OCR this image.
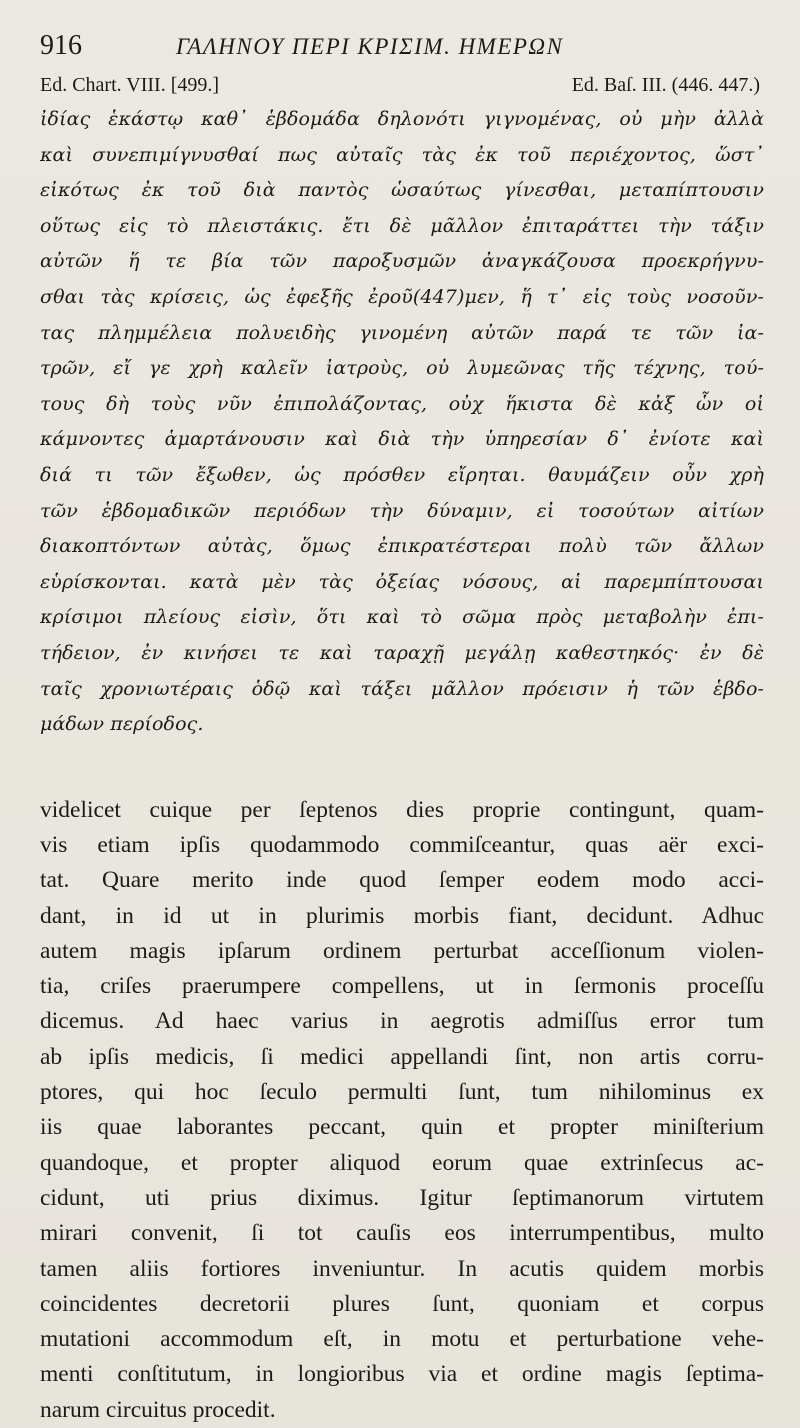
916	ΓΑΛΗΝΟΥ ΠΕΡΙ ΚΡΙΣΙΜ. ΗΜΕΡΩΝ
Ed. Chart. VIII. [499.]	Ed. Baſ. III. (446. 447.)
ἰδίας ἑκάστῳ καθ᾽ ἑβδομάδα δηλονότι γιγνομένας, οὐ μὴν ἀλλὰ
καὶ συνεπιμίγνυσθαί πως αὐταῖς τὰς ἐκ τοῦ περιέχοντος, ὥστ᾽
εἰκότως ἐκ τοῦ διὰ παντὸς ὡσαύτως γίνεσθαι, μεταπίπτουσιν
οὕτως εἰς τὸ πλειστάκις. ἔτι δὲ μᾶλλον ἐπιταράττει τὴν τάξιν
αὐτῶν ἥ τε βία τῶν παροξυσμῶν ἀναγκάζουσα προεκρήγνυ-
σθαι τὰς κρίσεις, ὡς ἐφεξῆς ἐροῦ(447)μεν, ἥ τ᾽ εἰς τοὺς νοσοῦν-
τας πλημμέλεια πολυειδὴς γινομένη αὐτῶν παρά τε τῶν ἰα-
τρῶν, εἴ γε χρὴ καλεῖν ἰατροὺς, οὐ λυμεῶνας τῆς τέχνης, τού-
τους δὴ τοὺς νῦν ἐπιπολάζοντας, οὐχ ἥκιστα δὲ κἀξ ὧν οἱ
κάμνοντες ἁμαρτάνουσιν καὶ διὰ τὴν ὑπηρεσίαν δ᾽ ἐνίοτε καὶ
διά τι τῶν ἔξωθεν, ὡς πρόσθεν εἴρηται. θαυμάζειν οὖν χρὴ
τῶν ἑβδομαδικῶν περιόδων τὴν δύναμιν, εἰ τοσούτων αἰτίων
διακοπτόντων αὐτὰς, ὅμως ἐπικρατέστεραι πολὺ τῶν ἄλλων
εὑρίσκονται. κατὰ μὲν τὰς ὀξείας νόσους, αἱ παρεμπίπτουσαι
κρίσιμοι πλείους εἰσὶν, ὅτι καὶ τὸ σῶμα πρὸς μεταβολὴν ἐπι-
τήδειον, ἐν κινήσει τε καὶ ταραχῇ μεγάλῃ καθεστηκός· ἐν δὲ
ταῖς χρονιωτέραις ὁδῷ καὶ τάξει μᾶλλον πρόεισιν ἡ τῶν ἑβδο-
μάδων περίοδος.
videlicet cuique per ſeptenos dies proprie contingunt, quam-
vis etiam ipſis quodammodo commiſceantur, quas aër exci-
tat. Quare merito inde quod ſemper eodem modo acci-
dant, in id ut in plurimis morbis fiant, decidunt. Adhuc
autem magis ipſarum ordinem perturbat acceſſionum violen-
tia, criſes praerumpere compellens, ut in ſermonis proceſſu
dicemus. Ad haec varius in aegrotis admiſſus error tum
ab ipſis medicis, ſi medici appellandi ſint, non artis corru-
ptores, qui hoc ſeculo permulti ſunt, tum nihilominus ex
iis quae laborantes peccant, quin et propter miniſterium
quandoque, et propter aliquod eorum quae extrinſecus ac-
cidunt, uti prius diximus. Igitur ſeptimanorum virtutem
mirari convenit, ſi tot cauſis eos interrumpentibus, multo
tamen aliis fortiores inveniuntur. In acutis quidem morbis
coincidentes decretorii plures ſunt, quoniam et corpus
mutationi accommodum eſt, in motu et perturbatione vehe-
menti conſtitutum, in longioribus via et ordine magis ſeptima-
narum circuitus procedit.
